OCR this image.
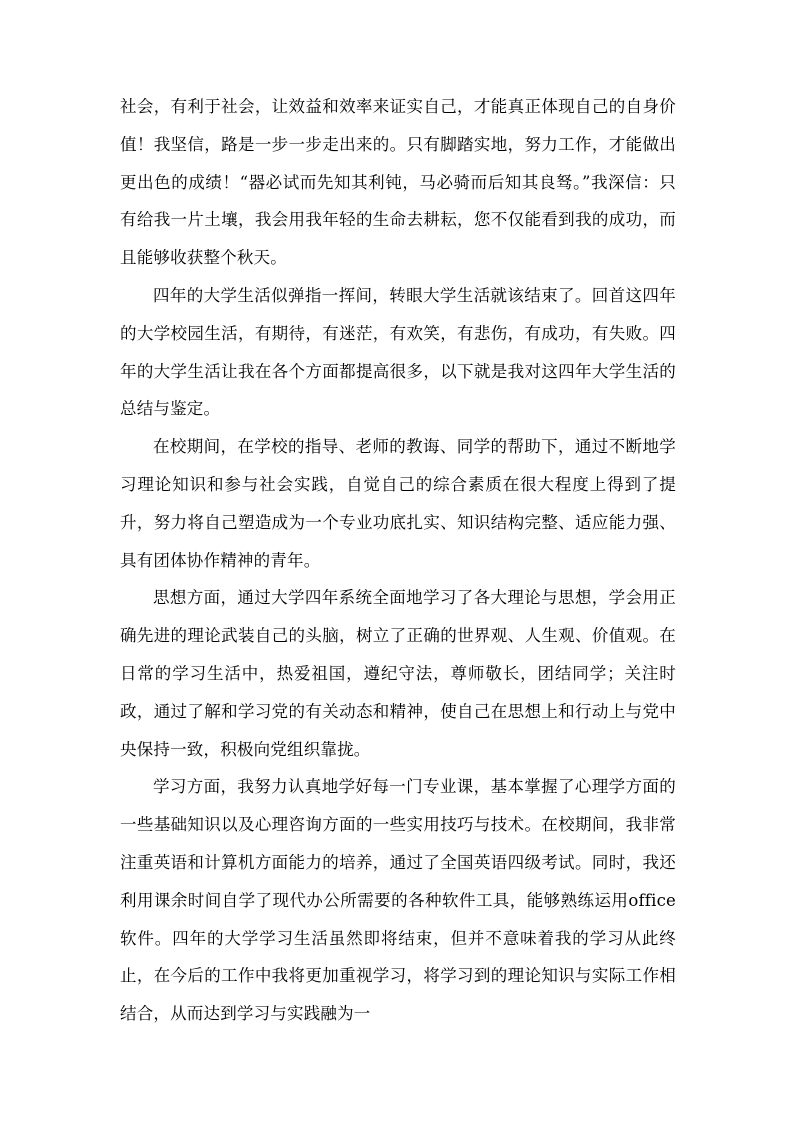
社会，有利于社会，让效益和效率来证实自己，才能真正体现自己的自身价值！我坚信，路是一步一步走出来的。只有脚踏实地，努力工作，才能做出更出色的成绩！“器必试而先知其利钝，马必骑而后知其良驽。”我深信：只有给我一片土壤，我会用我年轻的生命去耕耘，您不仅能看到我的成功，而且能够收获整个秋天。

四年的大学生活似弹指一挥间，转眼大学生活就该结束了。回首这四年的大学校园生活，有期待，有迷茫，有欢笑，有悲伤，有成功，有失败。四年的大学生活让我在各个方面都提高很多，以下就是我对这四年大学生活的总结与鉴定。

在校期间，在学校的指导、老师的教诲、同学的帮助下，通过不断地学习理论知识和参与社会实践，自觉自己的综合素质在很大程度上得到了提升，努力将自己塑造成为一个专业功底扎实、知识结构完整、适应能力强、具有团体协作精神的青年。

思想方面，通过大学四年系统全面地学习了各大理论与思想，学会用正确先进的理论武装自己的头脑，树立了正确的世界观、人生观、价值观。在日常的学习生活中，热爱祖国，遵纪守法，尊师敬长，团结同学；关注时政，通过了解和学习党的有关动态和精神，使自己在思想上和行动上与党中央保持一致，积极向党组织靠拢。

学习方面，我努力认真地学好每一门专业课，基本掌握了心理学方面的一些基础知识以及心理咨询方面的一些实用技巧与技术。在校期间，我非常注重英语和计算机方面能力的培养，通过了全国英语四级考试。同时，我还利用课余时间自学了现代办公所需要的各种软件工具，能够熟练运用office软件。四年的大学学习生活虽然即将结束，但并不意味着我的学习从此终止，在今后的工作中我将更加重视学习，将学习到的理论知识与实际工作相结合，从而达到学习与实践融为一
